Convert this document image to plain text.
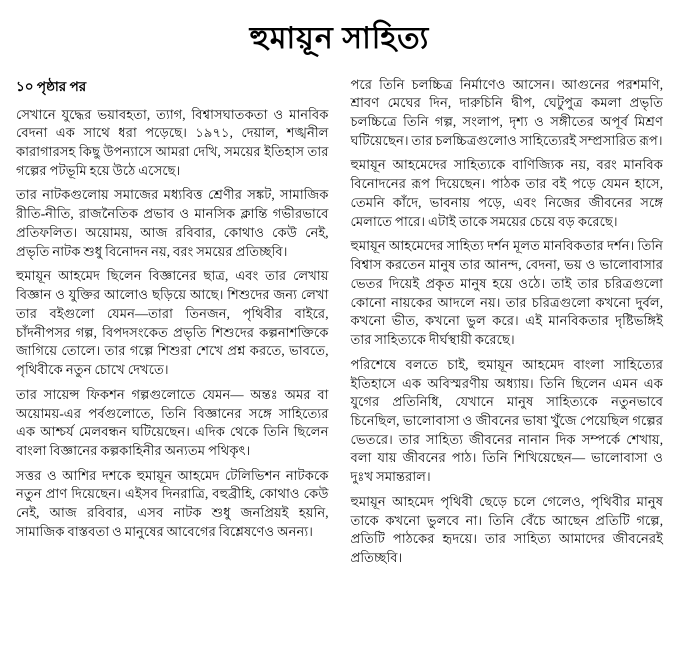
হুমায়ূন সাহিত্য
১০ পৃষ্ঠার পর

সেখানে যুদ্ধের ভয়াবহতা, ত্যাগ, বিশ্বাসঘাতকতা ও মানবিক বেদনা এক সাথে ধরা পড়েছে। ১৯৭১, দেয়াল, শঙ্খনীল কারাগারসহ কিছু উপন্যাসে আমরা দেখি, সময়ের ইতিহাস তার গল্পের পটভূমি হয়ে উঠে এসেছে।

তার নাটকগুলোয় সমাজের মধ্যবিত্ত শ্রেণীর সঙ্কট, সামাজিক রীতি-নীতি, রাজনৈতিক প্রভাব ও মানসিক ক্লান্তি গভীরভাবে প্রতিফলিত। অয়োময়, আজ রবিবার, কোথাও কেউ নেই, প্রভৃতি নাটক শুধু বিনোদন নয়, বরং সময়ের প্রতিচ্ছবি।

হুমায়ূন আহমেদ ছিলেন বিজ্ঞানের ছাত্র, এবং তার লেখায় বিজ্ঞান ও যুক্তির আলোও ছড়িয়ে আছে। শিশুদের জন্য লেখা তার বইগুলো যেমন—তারা তিনজন, পৃথিবীর বাইরে, চাঁদনীপসর গল্প, বিপদসংকেত প্রভৃতি শিশুদের কল্পনাশক্তিকে জাগিয়ে তোলে। তার গল্পে শিশুরা শেখে প্রশ্ন করতে, ভাবতে, পৃথিবীকে নতুন চোখে দেখতে।

তার সায়েন্স ফিকশন গল্পগুলোতে যেমন— অন্তঃ অমর বা অয়োময়-এর পর্বগুলোতে, তিনি বিজ্ঞানের সঙ্গে সাহিত্যের এক আশ্চর্য মেলবন্ধন ঘটিয়েছেন। এদিক থেকে তিনি ছিলেন বাংলা বিজ্ঞানের কল্পকাহিনীর অন্যতম পথিকৃৎ।

সত্তর ও আশির দশকে হুমায়ূন আহমেদ টেলিভিশন নাটককে নতুন প্রাণ দিয়েছেন। এইসব দিনরাত্রি, বহুব্রীহি, কোথাও কেউ নেই, আজ রবিবার, এসব নাটক শুধু জনপ্রিয়ই হয়নি, সামাজিক বাস্তবতা ও মানুষের আবেগের বিশ্লেষণেও অনন্য।

পরে তিনি চলচ্চিত্র নির্মাণেও আসেন। আগুনের পরশমণি, শ্রাবণ মেঘের দিন, দারুচিনি দ্বীপ, ঘেটুপুত্র কমলা প্রভৃতি চলচ্চিত্রে তিনি গল্প, সংলাপ, দৃশ্য ও সঙ্গীতের অপূর্ব মিশ্রণ ঘটিয়েছেন। তার চলচ্চিত্রগুলোও সাহিত্যেরই সম্প্রসারিত রূপ।

হুমায়ূন আহমেদের সাহিত্যকে বাণিজ্যিক নয়, বরং মানবিক বিনোদনের রূপ দিয়েছেন। পাঠক তার বই পড়ে যেমন হাসে, তেমনি কাঁদে, ভাবনায় পড়ে, এবং নিজের জীবনের সঙ্গে মেলাতে পারে। এটাই তাকে সময়ের চেয়ে বড় করেছে।

হুমায়ূন আহমেদের সাহিত্য দর্শন মূলত মানবিকতার দর্শন। তিনি বিশ্বাস করতেন মানুষ তার আনন্দ, বেদনা, ভয় ও ভালোবাসার ভেতর দিয়েই প্রকৃত মানুষ হয়ে ওঠে। তাই তার চরিত্রগুলো কোনো নায়কের আদলে নয়। তার চরিত্রগুলো কখনো দুর্বল, কখনো ভীত, কখনো ভুল করে। এই মানবিকতার দৃষ্টিভঙ্গিই তার সাহিত্যকে দীর্ঘস্থায়ী করেছে।

পরিশেষে বলতে চাই, হুমায়ূন আহমেদ বাংলা সাহিত্যের ইতিহাসে এক অবিস্মরণীয় অধ্যায়। তিনি ছিলেন এমন এক যুগের প্রতিনিধি, যেখানে মানুষ সাহিত্যকে নতুনভাবে চিনেছিল, ভালোবাসা ও জীবনের ভাষা খুঁজে পেয়েছিল গল্পের ভেতরে। তার সাহিত্য জীবনের নানান দিক সম্পর্কে শেখায়, বলা যায় জীবনের পাঠ। তিনি শিখিয়েছেন— ভালোবাসা ও দুঃখ সমান্তরাল।

হুমায়ূন আহমেদ পৃথিবী ছেড়ে চলে গেলেও, পৃথিবীর মানুষ তাকে কখনো ভুলবে না। তিনি বেঁচে আছেন প্রতিটি গল্পে, প্রতিটি পাঠকের হৃদয়ে। তার সাহিত্য আমাদের জীবনেরই প্রতিচ্ছবি।
